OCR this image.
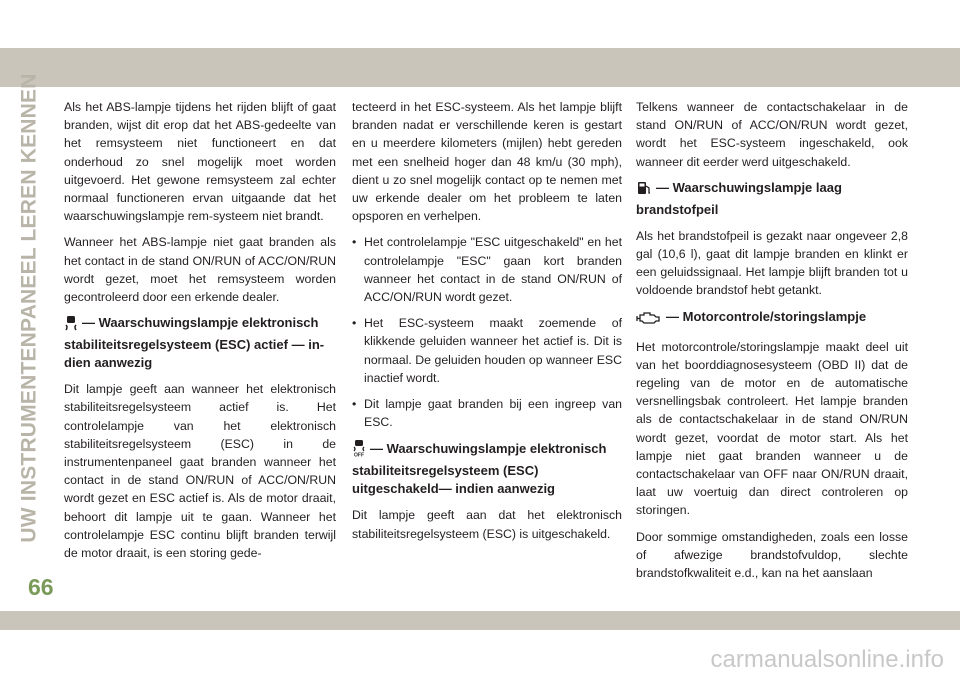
UW INSTRUMENTENPANEEL LEREN KENNEN Als het ABS-lampje tijdens het rijden blijft of gaat branden, wijst dit erop dat het ABS-gedeelte van het remsysteem niet functioneert en dat onderhoud zo snel mogelijk moet worden uitgevoerd. Het gewone remsysteem zal echter normaal functioneren ervan uitgaande dat het waarschuwingslampje rem-systeem niet brandt.

Wanneer het ABS-lampje niet gaat branden als het contact in de stand ON/RUN of ACC/ON/RUN wordt gezet, moet het remsysteem worden gecontroleerd door een erkende dealer.

— Waarschuwingslampje elektronisch stabiliteitsregelsysteem (ESC) actief — in-dien aanwezig

Dit lampje geeft aan wanneer het elektronisch stabiliteitsregelsysteem actief is. Het controlelampje van het elektronisch stabiliteitsregelsysteem (ESC) in de instrumentenpaneel gaat branden wanneer het contact in de stand ON/RUN of ACC/ON/RUN wordt gezet en ESC actief is. Als de motor draait, behoort dit lampje uit te gaan. Wanneer het controlelampje ESC continu blijft branden terwijl de motor draait, is een storing gede-

tecteerd in het ESC-systeem. Als het lampje blijft branden nadat er verschillende keren is gestart en u meerdere kilometers (mijlen) hebt gereden met een snelheid hoger dan 48 km/u (30 mph), dient u zo snel mogelijk contact op te nemen met uw erkende dealer om het probleem te laten opsporen en verhelpen.

• Het controlelampje "ESC uitgeschakeld" en het controlelampje "ESC" gaan kort branden wanneer het contact in de stand ON/RUN of ACC/ON/RUN wordt gezet.
• Het ESC-systeem maakt zoemende of klikkende geluiden wanneer het actief is. Dit is normaal. De geluiden houden op wanneer ESC inactief wordt.
• Dit lampje gaat branden bij een ingreep van ESC.
OFF — Waarschuwingslampje elektronisch stabiliteitsregelsysteem (ESC) uitgeschakeld— indien aanwezig

Dit lampje geeft aan dat het elektronisch stabiliteitsregelsysteem (ESC) is uitgeschakeld.

Telkens wanneer de contactschakelaar in de stand ON/RUN of ACC/ON/RUN wordt gezet, wordt het ESC-systeem ingeschakeld, ook wanneer dit eerder werd uitgeschakeld.

— Waarschuwingslampje laag brandstofpeil

Als het brandstofpeil is gezakt naar ongeveer 2,8 gal (10,6 l), gaat dit lampje branden en klinkt er een geluidssignaal. Het lampje blijft branden tot u voldoende brandstof hebt getankt.

— Motorcontrole/storingslampje

Het motorcontrole/storingslampje maakt deel uit van het boorddiagnosesysteem (OBD II) dat de regeling van de motor en de automatische versnellingsbak controleert. Het lampje branden als de contactschakelaar in de stand ON/RUN wordt gezet, voordat de motor start. Als het lampje niet gaat branden wanneer u de contactschakelaar van OFF naar ON/RUN draait, laat uw voertuig dan direct controleren op storingen.

Door sommige omstandigheden, zoals een losse of afwezige brandstofvuldop, slechte brandstofkwaliteit e.d., kan na het aanslaan

66
carmanualsonline.info
